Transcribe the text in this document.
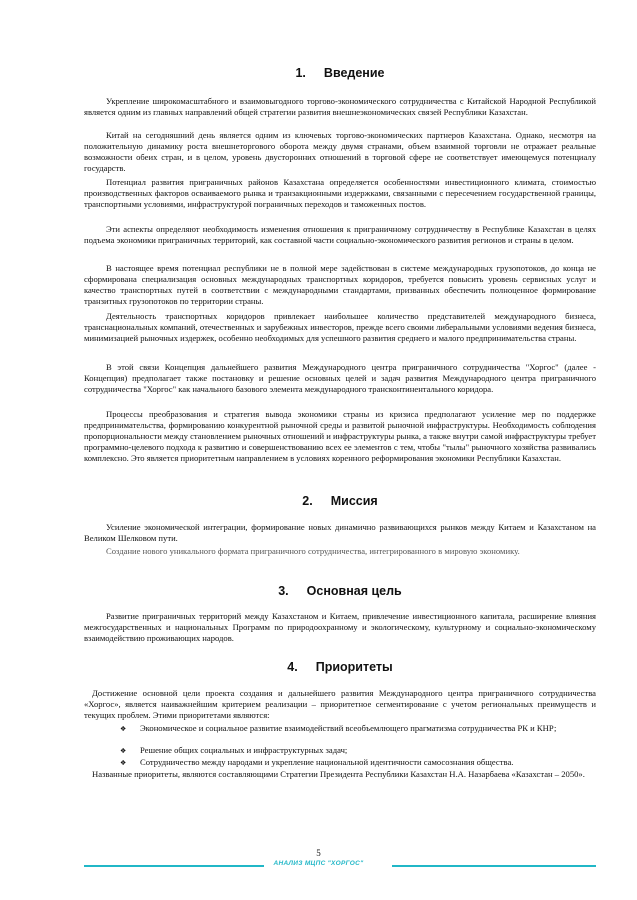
1. Введение

Укрепление широкомасштабного и взаимовыгодного торгово-экономического сотрудничества с Китайской Народной Республикой является одним из главных направлений общей стратегии развития внешнеэкономических связей Республики Казахстан.

Китай на сегодняшний день является одним из ключевых торгово-экономических партнеров Казахстана. Однако, несмотря на положительную динамику роста внешнеторгового оборота между двумя странами, объем взаимной торговли не отражает реальные возможности обеих стран, и в целом, уровень двусторонних отношений в торговой сфере не соответствует имеющемуся потенциалу государств.

Потенциал развития приграничных районов Казахстана определяется особенностями инвестиционного климата, стоимостью производственных факторов осваиваемого рынка и транзакционными издержками, связанными с пересечением государственной границы, транспортными условиями, инфраструктурой пограничных переходов и таможенных постов.

Эти аспекты определяют необходимость изменения отношения к приграничному сотрудничеству в Республике Казахстан в целях подъема экономики приграничных территорий, как составной части социально-экономического развития регионов и страны в целом.

В настоящее время потенциал республики не в полной мере задействован в системе международных грузопотоков, до конца не сформирована специализация основных международных транспортных коридоров, требуется повысить уровень сервисных услуг и качество транспортных путей в соответствии с международными стандартами, призванных обеспечить полноценное формирование транзитных грузопотоков по территории страны.

Деятельность транспортных коридоров привлекает наибольшее количество представителей международного бизнеса, транснациональных компаний, отечественных и зарубежных инвесторов, прежде всего своими либеральными условиями ведения бизнеса, минимизацией рыночных издержек, особенно необходимых для успешного развития среднего и малого предпринимательства страны.

В этой связи Концепция дальнейшего развития Международного центра приграничного сотрудничества "Хоргос" (далее - Концепция) предполагает также постановку и решение основных целей и задач развития Международного центра приграничного сотрудничества "Хоргос" как начального базового элемента международного трансконтинентального коридора.

Процессы преобразования и стратегия вывода экономики страны из кризиса предполагают усиление мер по поддержке предпринимательства, формированию конкурентной рыночной среды и развитой рыночной инфраструктуры. Необходимость соблюдения пропорциональности между становлением рыночных отношений и инфраструктуры рынка, а также внутри самой инфраструктуры требует программно-целевого подхода к развитию и совершенствованию всех ее элементов с тем, чтобы "тылы" рыночного хозяйства развивались комплексно. Это является приоритетным направлением в условиях коренного реформирования экономики Республики Казахстан.

2. Миссия

Усиление экономической интеграции, формирование новых динамично развивающихся рынков между Китаем и Казахстаном на Великом Шелковом пути.

Создание нового уникального формата приграничного сотрудничества, интегрированного в мировую экономику.

3. Основная цель

Развитие приграничных территорий между Казахстаном и Китаем, привлечение инвестиционного капитала, расширение влияния межгосударственных и национальных Программ по природоохранному и экологическому, культурному и социально-экономическому взаимодействию проживающих народов.

4. Приоритеты

Достижение основной цели проекта создания и дальнейшего развития Международного центра приграничного сотрудничества «Хоргос», является наиважнейшим критерием реализации – приоритетное сегментирование с учетом региональных преимуществ и текущих проблем. Этими приоритетами являются:

❖ Экономическое и социальное развитие взаимодействий всеобъемлющего прагматизма сотрудничества РК и КНР;
❖ Решение общих социальных и инфраструктурных задач;
❖ Сотрудничество между народами и укрепление национальной идентичности самосознания общества.

Названные приоритеты, являются составляющими Стратегии Президента Республики Казахстан Н.А. Назарбаева «Казахстан – 2050».

5
АНАЛИЗ МЦПС "ХОРГОС"
